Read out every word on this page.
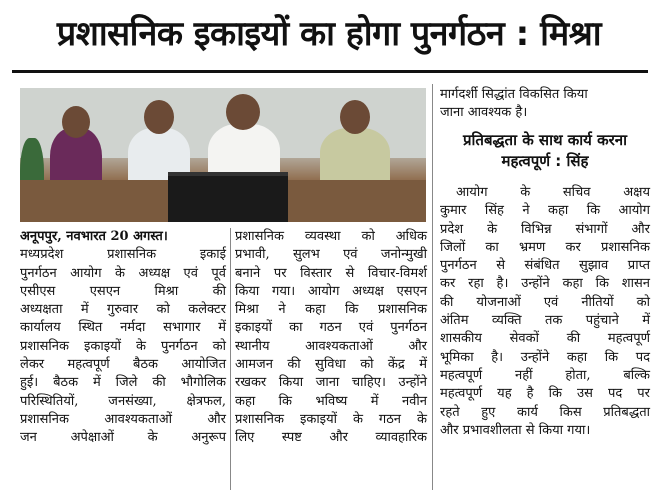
प्रशासनिक इकाइयों का होगा पुनर्गठन : मिश्रा

अनूपपुर, नवभारत 20 अगस्त।

मध्यप्रदेश प्रशासनिक इकाई

पुनर्गठन आयोग के अध्यक्ष एवं पूर्व

एसीएस एसएन मिश्रा की

अध्यक्षता में गुरुवार को कलेक्टर

कार्यालय स्थित नर्मदा सभागार में

प्रशासनिक इकाइयों के पुनर्गठन को

लेकर महत्वपूर्ण बैठक आयोजित

हुई। बैठक में जिले की भौगोलिक

परिस्थितियों, जनसंख्या, क्षेत्रफल,

प्रशासनिक आवश्यकताओं और

जन अपेक्षाओं के अनुरूप

प्रशासनिक व्यवस्था को अधिक

प्रभावी, सुलभ एवं जनोन्मुखी

बनाने पर विस्तार से विचार-विमर्श

किया गया। आयोग अध्यक्ष एसएन

मिश्रा ने कहा कि प्रशासनिक

इकाइयों का गठन एवं पुनर्गठन

स्थानीय आवश्यकताओं और

आमजन की सुविधा को केंद्र में

रखकर किया जाना चाहिए। उन्होंने

कहा कि भविष्य में नवीन

प्रशासनिक इकाइयों के गठन के

लिए स्पष्ट और व्यावहारिक

मार्गदर्शी सिद्धांत विकसित किया

जाना आवश्यक है।

प्रतिबद्धता के साथ कार्य करना महत्वपूर्ण : सिंह

आयोग के सचिव अक्षय

कुमार सिंह ने कहा कि आयोग

प्रदेश के विभिन्न संभागों और

जिलों का भ्रमण कर प्रशासनिक

पुनर्गठन से संबंधित सुझाव प्राप्त

कर रहा है। उन्होंने कहा कि शासन

की योजनाओं एवं नीतियों को

अंतिम व्यक्ति तक पहुंचाने में

शासकीय सेवकों की महत्वपूर्ण

भूमिका है। उन्होंने कहा कि पद

महत्वपूर्ण नहीं होता, बल्कि

महत्वपूर्ण यह है कि उस पद पर

रहते हुए कार्य किस प्रतिबद्धता

और प्रभावशीलता से किया गया।
